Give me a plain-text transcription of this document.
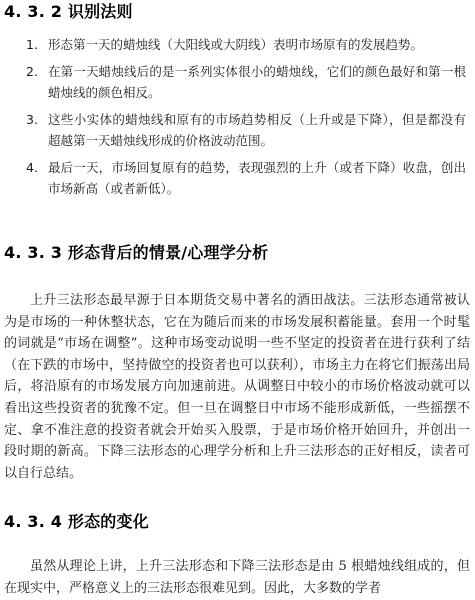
4. 3. 2 识别法则
1. 形态第一天的蜡烛线（大阳线或大阴线）表明市场原有的发展趋势。
2. 在第一天蜡烛线后的是一系列实体很小的蜡烛线，它们的颜色最好和第一根蜡烛线的颜色相反。
3. 这些小实体的蜡烛线和原有的市场趋势相反（上升或是下降），但是都没有超越第一天蜡烛线形成的价格波动范围。
4. 最后一天，市场回复原有的趋势，表现强烈的上升（或者下降）收盘，创出市场新高（或者新低）。
4. 3. 3 形态背后的情景/心理学分析

上升三法形态最早源于日本期货交易中著名的酒田战法。三法形态通常被认为是市场的一种休整状态，它在为随后而来的市场发展积蓄能量。套用一个时髦的词就是“市场在调整”。这种市场变动说明一些不坚定的投资者在进行获利了结（在下跌的市场中，坚持做空的投资者也可以获利），市场主力在将它们振荡出局后，将沿原有的市场发展方向加速前进。从调整日中较小的市场价格波动就可以看出这些投资者的犹豫不定。但一旦在调整日中市场不能形成新低，一些摇摆不定、拿不准注意的投资者就会开始买入股票，于是市场价格开始回升，并创出一段时期的新高。下降三法形态的心理学分析和上升三法形态的正好相反，读者可以自行总结。

4. 3. 4 形态的变化

虽然从理论上讲，上升三法形态和下降三法形态是由 5 根蜡烛线组成的，但在现实中，严格意义上的三法形态很难见到。因此，大多数的学者
